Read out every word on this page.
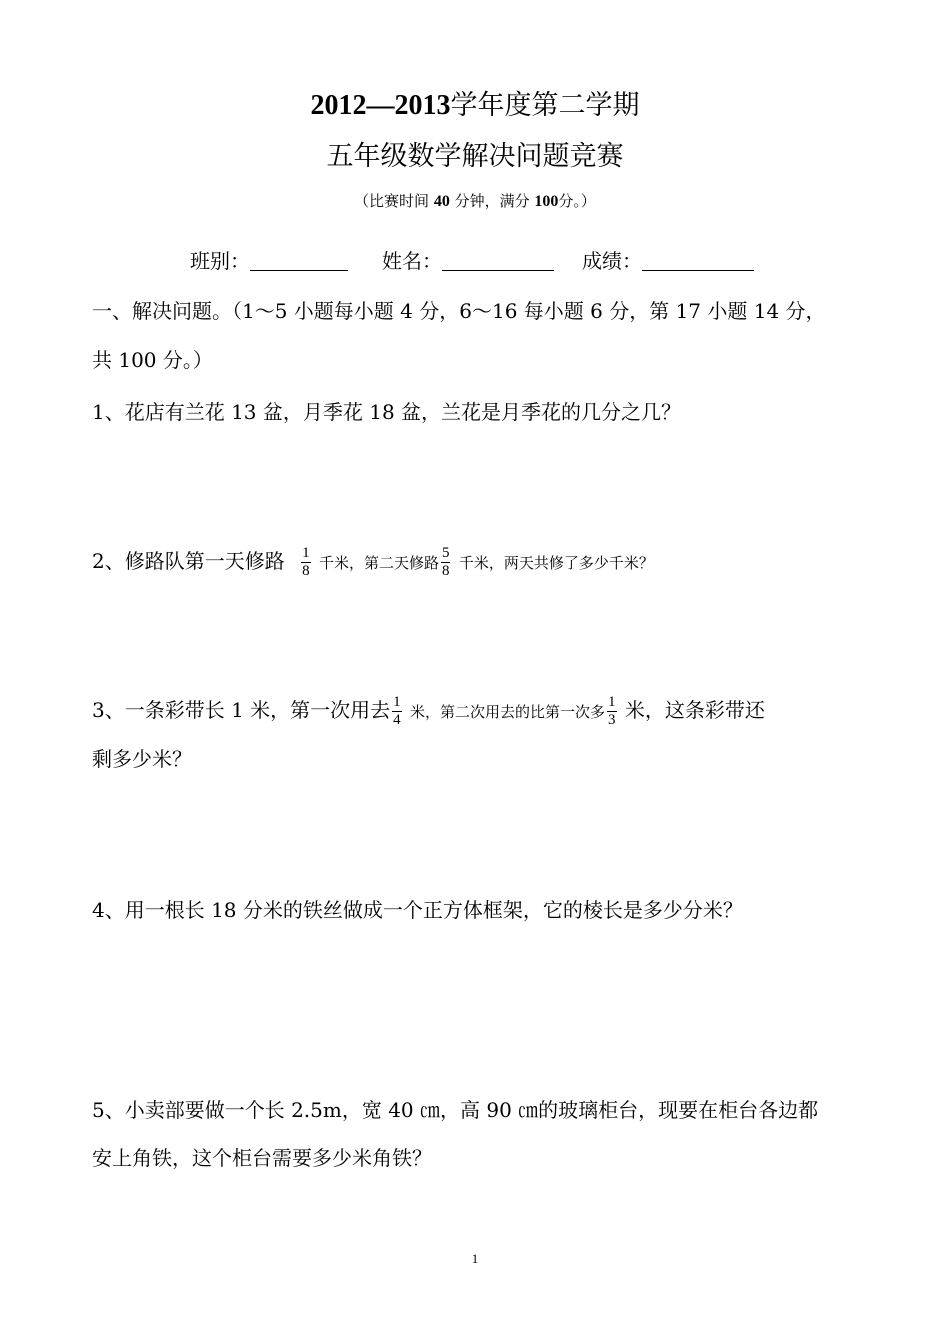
2012—2013学年度第二学期
五年级数学解决问题竞赛
（比赛时间 40 分钟，满分 100分。）
班别：	姓名：	成绩：
一、解决问题。（1～5 小题每小题 4 分，6～16 每小题 6 分，第 17 小题 14 分，
共 100 分。）
1、花店有兰花 13 盆，月季花 18 盆，兰花是月季花的几分之几？
2、修路队第一天修路 $\frac{1}{8}$ 千米，第二天修路 $\frac{5}{8}$ 千米，两天共修了多少千米？
3、一条彩带长 1 米，第一次用去 $\frac{1}{4}$ 米，第二次用去的比第一次多 $\frac{1}{3}$ 米，这条彩带还
剩多少米？
4、用一根长 18 分米的铁丝做成一个正方体框架，它的棱长是多少分米？
5、小卖部要做一个长 2.5m，宽 40 ㎝，高 90 ㎝的玻璃柜台，现要在柜台各边都
安上角铁，这个柜台需要多少米角铁？
1
